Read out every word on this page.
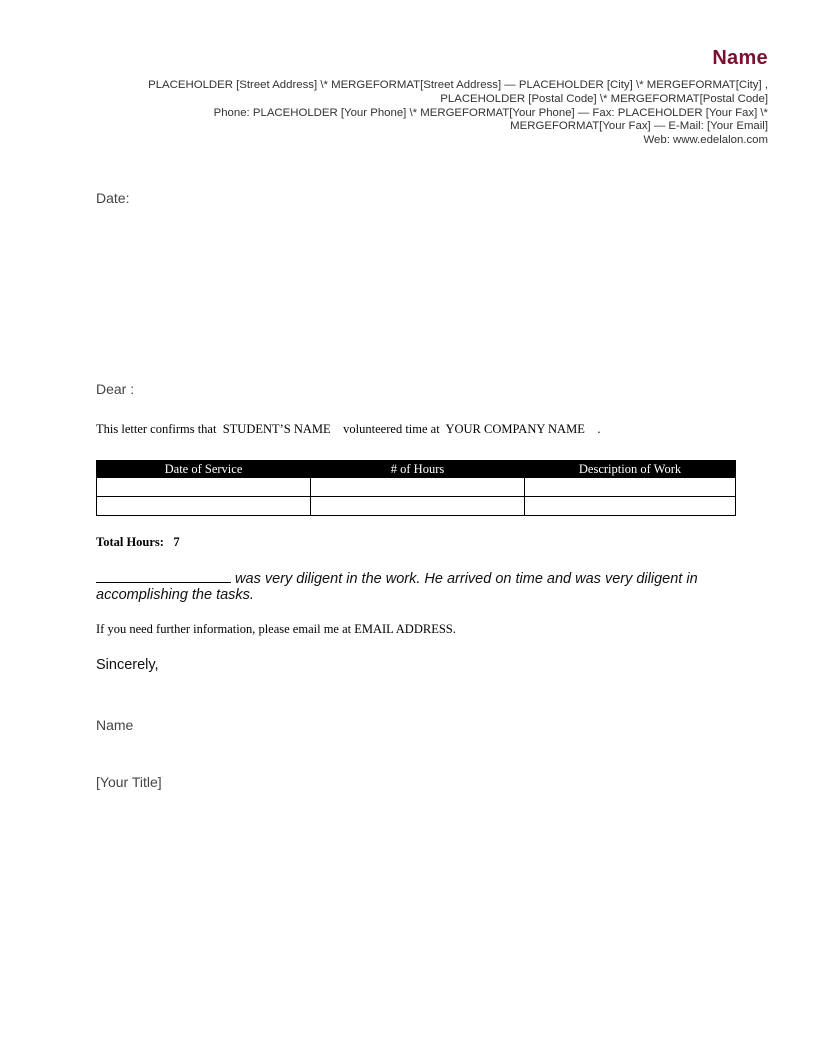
Name
PLACEHOLDER [Street Address] \* MERGEFORMAT[Street Address] — PLACEHOLDER [City] \* MERGEFORMAT[City] ,
PLACEHOLDER [Postal Code] \* MERGEFORMAT[Postal Code]
Phone: PLACEHOLDER [Your Phone] \* MERGEFORMAT[Your Phone] — Fax: PLACEHOLDER [Your Fax] \*
MERGEFORMAT[Your Fax] — E-Mail: [Your Email]
Web: www.edelalon.com
Date:
Dear :
This letter confirms that  STUDENT’S NAME    volunteered time at  YOUR COMPANY NAME    .
Date of Service	# of Hours	Description of Work

Total Hours: 7
was very diligent in the work. He arrived on time and was very diligent in accomplishing the tasks.
If you need further information, please email me at EMAIL ADDRESS.
Sincerely,
Name
[Your Title]
